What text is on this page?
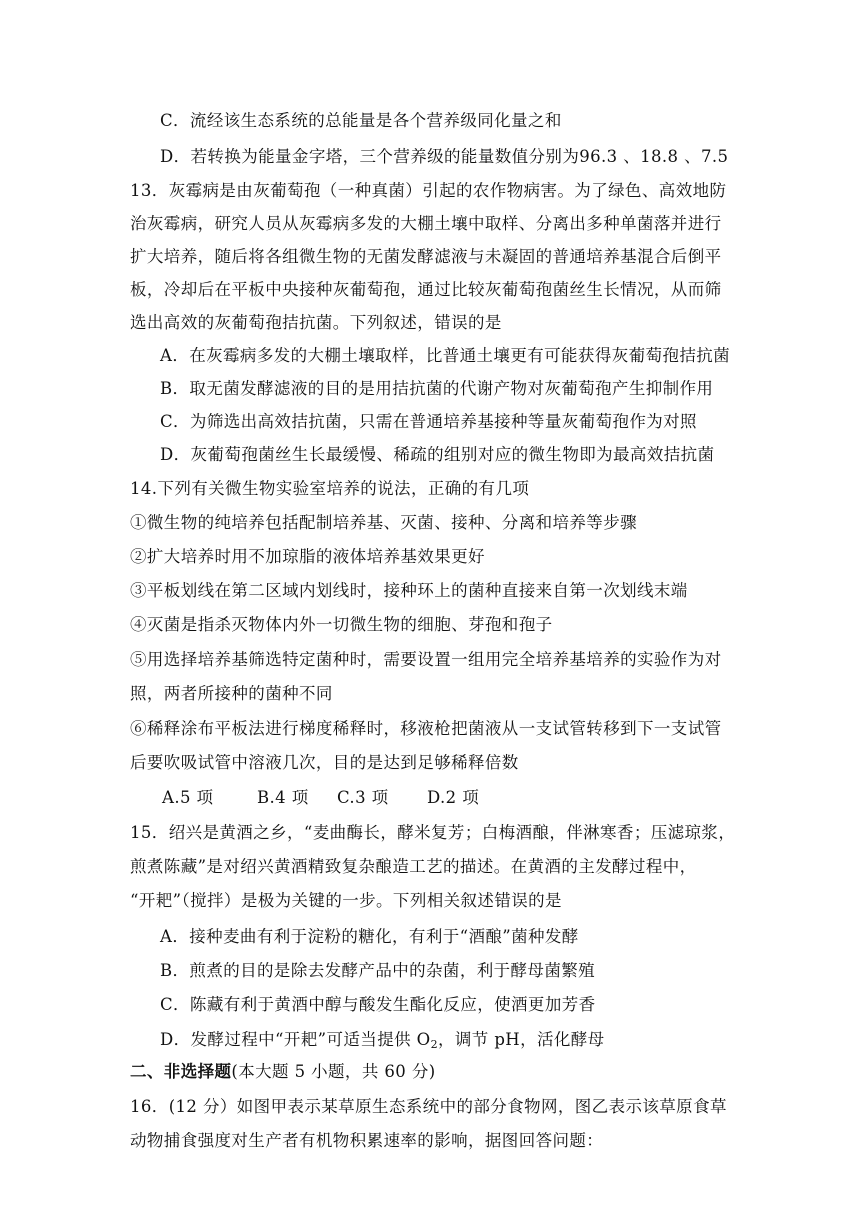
C．流经该生态系统的总能量是各个营养级同化量之和
D．若转换为能量金字塔，三个营养级的能量数值分别为96.3 、18.8 、7.5
13．灰霉病是由灰葡萄孢（一种真菌）引起的农作物病害。为了绿色、高效地防
治灰霉病，研究人员从灰霉病多发的大棚土壤中取样、分离出多种单菌落并进行
扩大培养，随后将各组微生物的无菌发酵滤液与未凝固的普通培养基混合后倒平
板，冷却后在平板中央接种灰葡萄孢，通过比较灰葡萄孢菌丝生长情况，从而筛
选出高效的灰葡萄孢拮抗菌。下列叙述，错误的是
A．在灰霉病多发的大棚土壤取样，比普通土壤更有可能获得灰葡萄孢拮抗菌
B．取无菌发酵滤液的目的是用拮抗菌的代谢产物对灰葡萄孢产生抑制作用
C．为筛选出高效拮抗菌，只需在普通培养基接种等量灰葡萄孢作为对照
D．灰葡萄孢菌丝生长最缓慢、稀疏的组别对应的微生物即为最高效拮抗菌
14.下列有关微生物实验室培养的说法，正确的有几项
①微生物的纯培养包括配制培养基、灭菌、接种、分离和培养等步骤
②扩大培养时用不加琼脂的液体培养基效果更好
③平板划线在第二区域内划线时，接种环上的菌种直接来自第一次划线末端
④灭菌是指杀灭物体内外一切微生物的细胞、芽孢和孢子
⑤用选择培养基筛选特定菌种时，需要设置一组用完全培养基培养的实验作为对
照，两者所接种的菌种不同
⑥稀释涂布平板法进行梯度稀释时，移液枪把菌液从一支试管转移到下一支试管
后要吹吸试管中溶液几次，目的是达到足够稀释倍数
A.5 项	B.4 项 C.3 项 D.2 项
15．绍兴是黄酒之乡，“麦曲酶长，酵米复芳；白梅酒酿，伴淋寒香；压滤琼浆，
煎煮陈藏”是对绍兴黄酒精致复杂酿造工艺的描述。在黄酒的主发酵过程中，
“开耙”（搅拌）是极为关键的一步。下列相关叙述错误的是
A．接种麦曲有利于淀粉的糖化，有利于“酒酿”菌种发酵
B．煎煮的目的是除去发酵产品中的杂菌，利于酵母菌繁殖
C．陈藏有利于黄酒中醇与酸发生酯化反应，使酒更加芳香
D．发酵过程中“开耙”可适当提供 $O_2$，调节 pH，活化酵母
二、非选择题(本大题 5 小题，共 60 分)
16．(12 分）如图甲表示某草原生态系统中的部分食物网，图乙表示该草原食草
动物捕食强度对生产者有机物积累速率的影响，据图回答问题：
